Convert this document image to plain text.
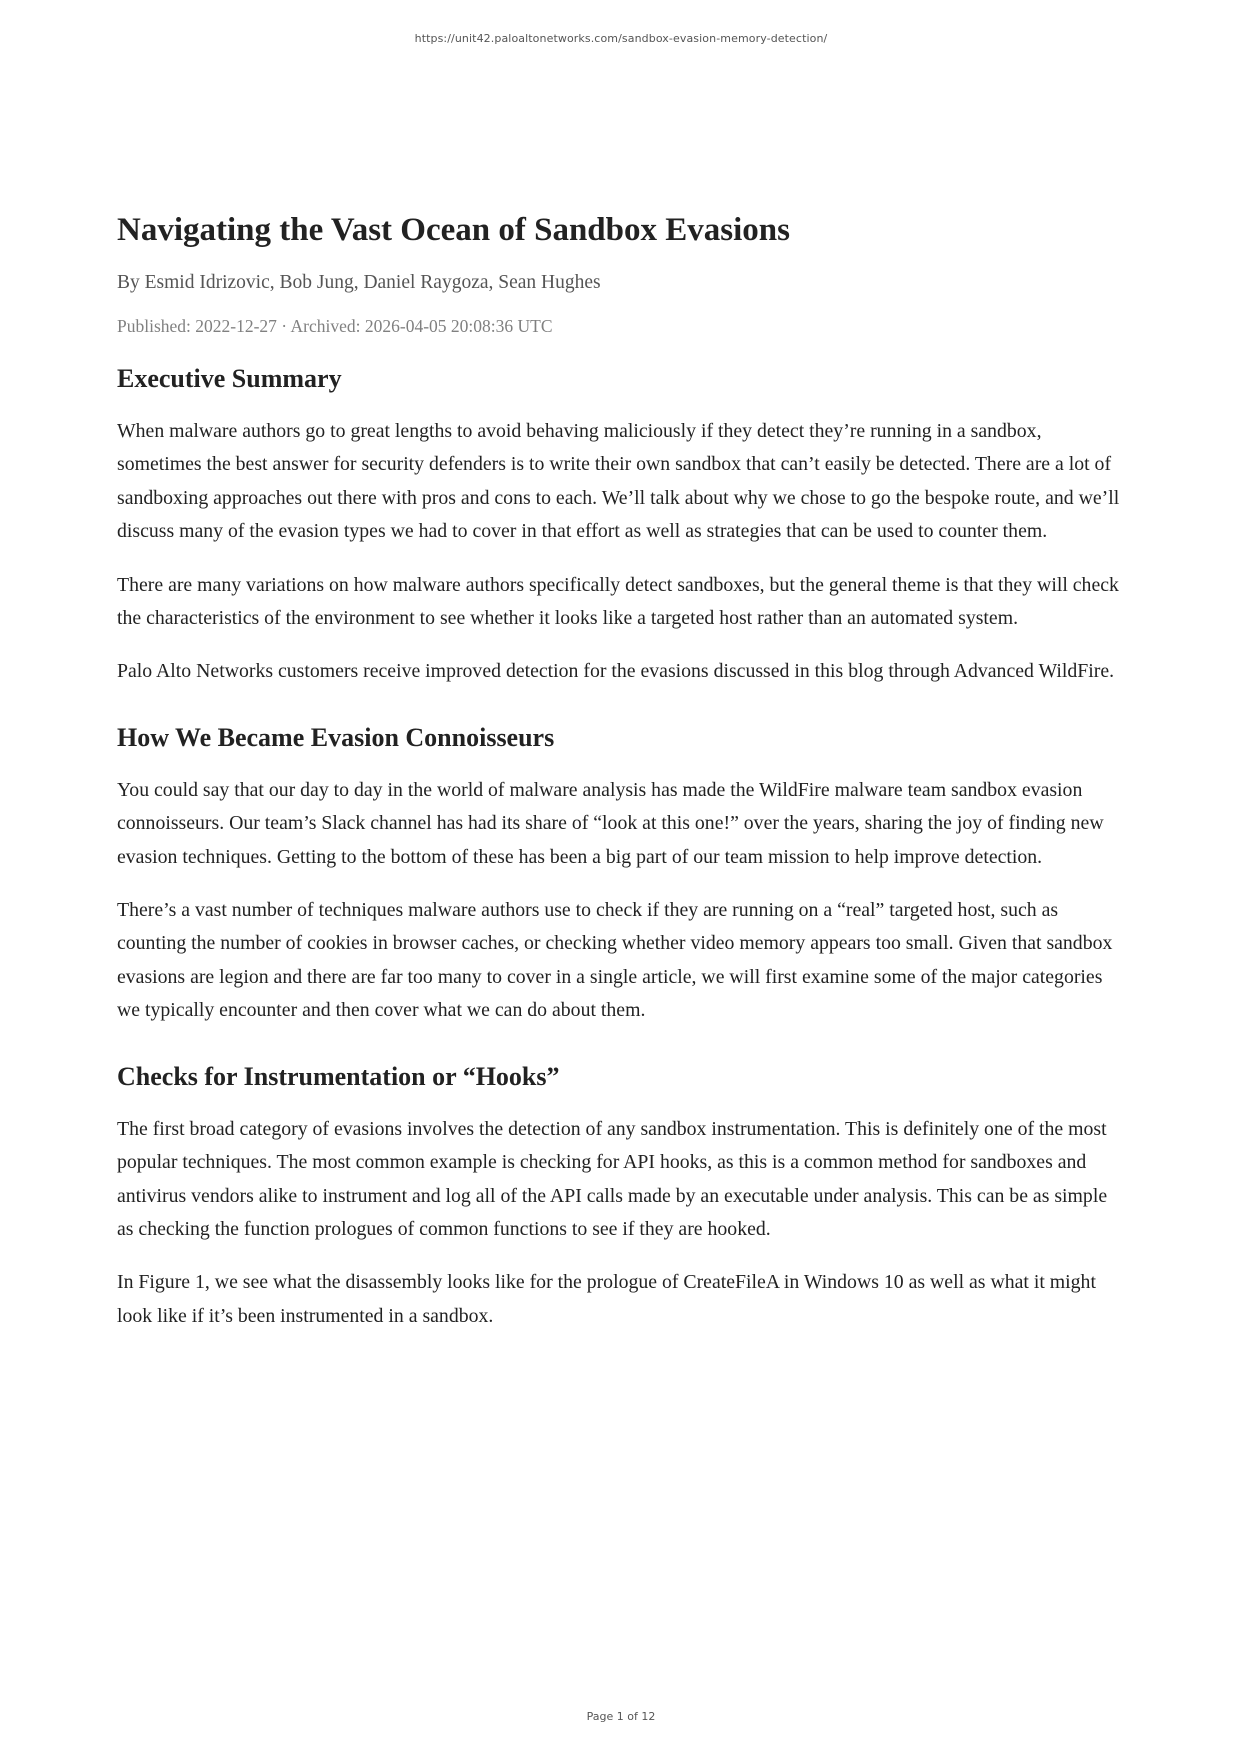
https://unit42.paloaltonetworks.com/sandbox-evasion-memory-detection/
Navigating the Vast Ocean of Sandbox Evasions
By Esmid Idrizovic, Bob Jung, Daniel Raygoza, Sean Hughes
Published: 2022-12-27 · Archived: 2026-04-05 20:08:36 UTC
Executive Summary

When malware authors go to great lengths to avoid behaving maliciously if they detect they’re running in a sandbox, sometimes the best answer for security defenders is to write their own sandbox that can’t easily be detected. There are a lot of sandboxing approaches out there with pros and cons to each. We’ll talk about why we chose to go the bespoke route, and we’ll discuss many of the evasion types we had to cover in that effort as well as strategies that can be used to counter them.

There are many variations on how malware authors specifically detect sandboxes, but the general theme is that they will check the characteristics of the environment to see whether it looks like a targeted host rather than an automated system.

Palo Alto Networks customers receive improved detection for the evasions discussed in this blog through Advanced WildFire.

How We Became Evasion Connoisseurs

You could say that our day to day in the world of malware analysis has made the WildFire malware team sandbox evasion connoisseurs. Our team’s Slack channel has had its share of “look at this one!” over the years, sharing the joy of finding new evasion techniques. Getting to the bottom of these has been a big part of our team mission to help improve detection.

There’s a vast number of techniques malware authors use to check if they are running on a “real” targeted host, such as counting the number of cookies in browser caches, or checking whether video memory appears too small. Given that sandbox evasions are legion and there are far too many to cover in a single article, we will first examine some of the major categories we typically encounter and then cover what we can do about them.

Checks for Instrumentation or “Hooks”

The first broad category of evasions involves the detection of any sandbox instrumentation. This is definitely one of the most popular techniques. The most common example is checking for API hooks, as this is a common method for sandboxes and antivirus vendors alike to instrument and log all of the API calls made by an executable under analysis. This can be as simple as checking the function prologues of common functions to see if they are hooked.

In Figure 1, we see what the disassembly looks like for the prologue of CreateFileA in Windows 10 as well as what it might look like if it’s been instrumented in a sandbox.

Page 1 of 12
